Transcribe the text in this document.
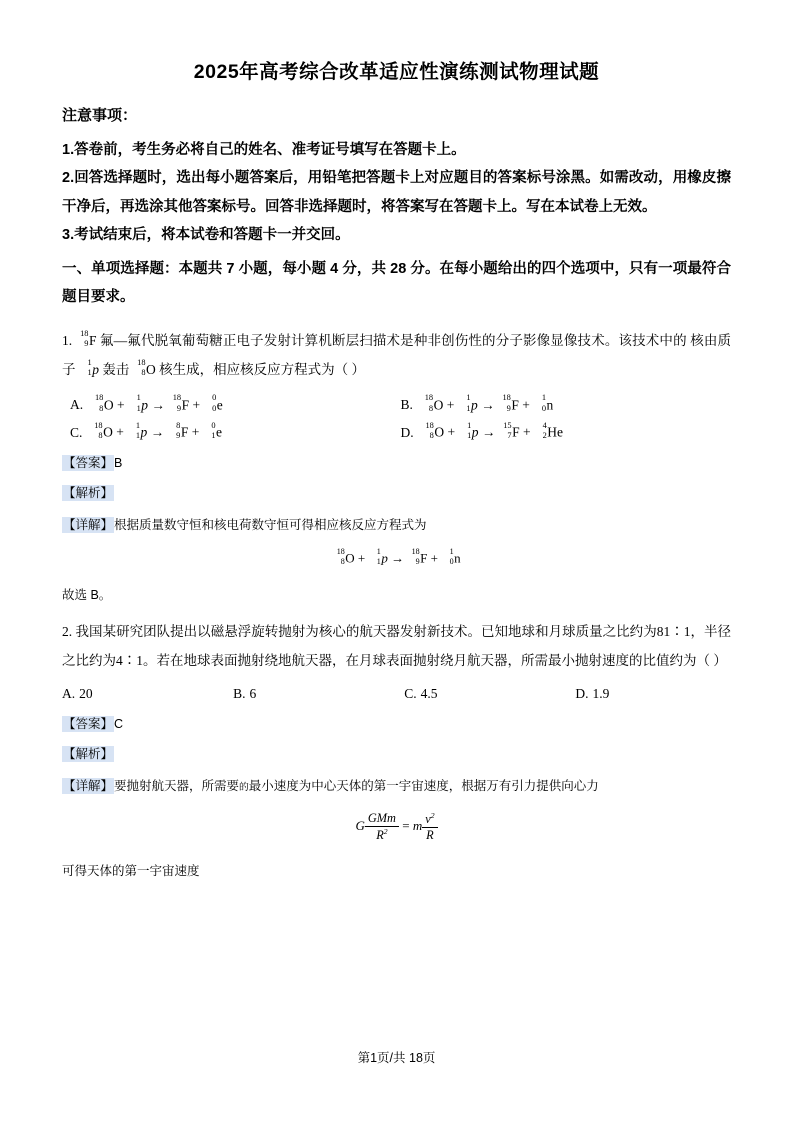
2025年高考综合改革适应性演练测试物理试题
注意事项：
1.答卷前，考生务必将自己的姓名、准考证号填写在答题卡上。
2.回答选择题时，选出每小题答案后，用铅笔把答题卡上对应题目的答案标号涂黑。如需改动，用橡皮擦干净后，再选涂其他答案标号。回答非选择题时，将答案写在答题卡上。写在本试卷上无效。
3.考试结束后，将本试卷和答题卡一并交回。
一、单项选择题：本题共 7 小题，每小题 4 分，共 28 分。在每小题给出的四个选项中，只有一项最符合题目要求。
1. 18
9 F 氟—氟代脱氧葡萄糖正电子发射计算机断层扫描术是种非创伤性的分子影像显像技术。该技术中的 核由质子	1
1 p 轰击 18
8 O 核生成，相应核反应方程式为（ ）
A.	18
8 O +	1
1 p → 18
9 F +	0
0 e	B.	18
8 O +	1
1 p → 18
9 F +	1
0 n
C.	18
8 O +	1
1 p →	8
9 F +	0
1 e	D.	18
8 O +	1
1 p → 15
7 F +	4
2 He
【答案】B
【解析】
【详解】根据质量数守恒和核电荷数守恒可得相应核反应方程式为
18
8 O +	1
1 p → 18
9 F +	1
0 n
故选 B。
2. 我国某研究团队提出以磁悬浮旋转抛射为核心的航天器发射新技术。已知地球和月球质量之比约为81∶1，半径之比约为4∶1。若在地球表面抛射绕地航天器，在月球表面抛射绕月航天器，所需最小抛射速度的比值约为（ ）
A. 20	B. 6	C. 4.5	D. 1.9
【答案】C
【解析】
【详解】要抛射航天器，所需要的最小速度为中心天体的第一宇宙速度，根据万有引力提供向心力
G $\frac{\text{GMm}}{R^2} = m \frac{v^2}{R}$
可得天体的第一宇宙速度
第1页/共 18页
